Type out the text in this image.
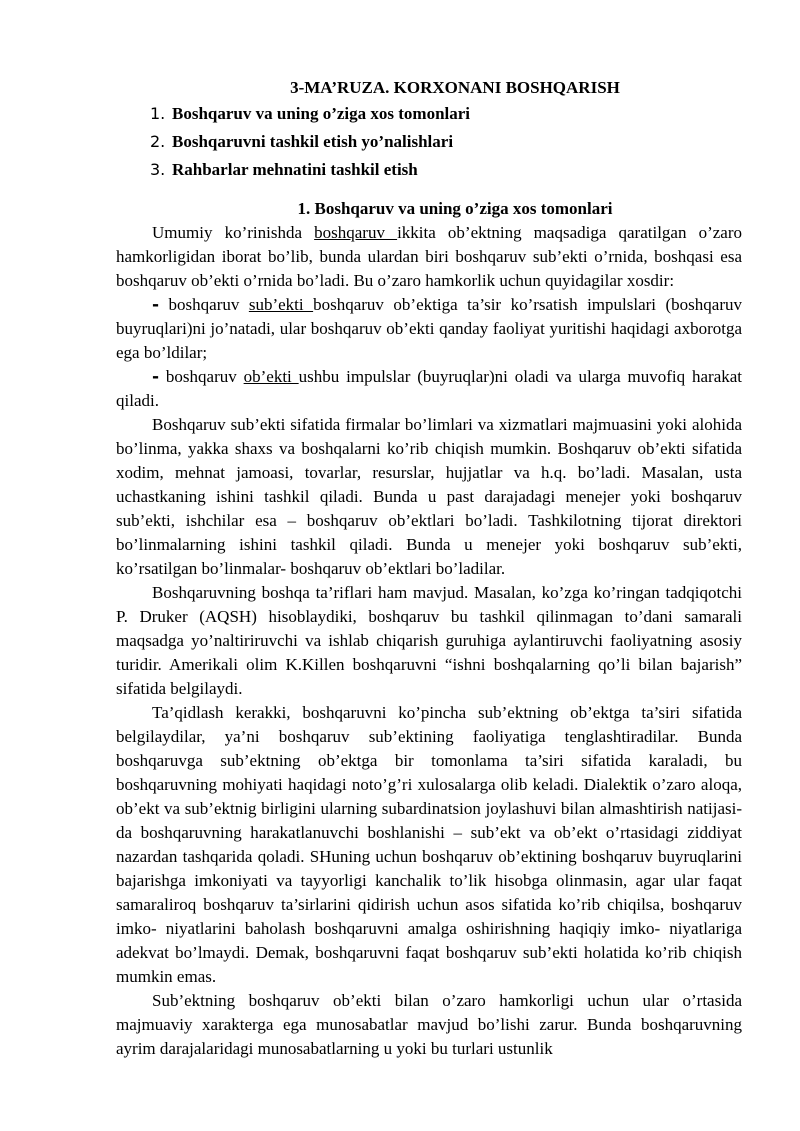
3-MA’RUZA. KORXONANI BOSHQARISH
1. Boshqaruv va uning o’ziga xos tomonlari
2. Boshqaruvni tashkil etish yo’nalishlari
3. Rahbarlar mehnatini tashkil etish
1. Boshqaruv va uning o’ziga xos tomonlari

Umumiy ko’rinishda boshqaruv ikkita ob’ektning maqsadiga qaratilgan o’zaro hamkorligidan iborat bo’lib, bunda ulardan biri boshqaruv sub’ekti o’rnida, boshqasi esa boshqaruv ob’ekti o’rnida bo’ladi. Bu o’zaro hamkorlik uchun quyidagilar xosdir:

- boshqaruv sub’ekti boshqaruv ob’ektiga ta’sir ko’rsatish impulslari (boshqaruv buyruqlari)ni jo’natadi, ular boshqaruv ob’ekti qanday faoliyat yuritishi haqidagi axborotga ega bo’ldilar;

- boshqaruv ob’ekti ushbu impulslar (buyruqlar)ni oladi va ularga muvofiq harakat qiladi.

Boshqaruv sub’ekti sifatida firmalar bo’limlari va xizmatlari majmuasini yoki alohida bo’linma, yakka shaxs va boshqalarni ko’rib chiqish mumkin. Boshqaruv ob’ekti sifatida xodim, mehnat jamoasi, tovarlar, resurslar, hujjatlar va h.q. bo’ladi. Masalan, usta uchastkaning ishini tashkil qiladi. Bunda u past darajadagi menejer yoki boshqaruv sub’ekti, ishchilar esa – boshqaruv ob’ektlari bo’ladi. Tashkilotning tijorat direktori bo’linmalarning ishini tashkil qiladi. Bunda u menejer yoki boshqaruv sub’ekti, ko’rsatilgan bo’linmalar- boshqaruv ob’ektlari bo’ladilar.

Boshqaruvning boshqa ta’riflari ham mavjud. Masalan, ko’zga ko’ringan tadqiqotchi P. Druker (AQSH) hisoblaydiki, boshqaruv bu tashkil qilinmagan to’dani samarali maqsadga yo’naltiriruvchi va ishlab chiqarish guruhiga aylantiruvchi faoliyatning asosiy turidir. Amerikali olim K.Killen boshqaruvni “ishni boshqalarning qo’li bilan bajarish” sifatida belgilaydi.

Ta’qidlash kerakki, boshqaruvni ko’pincha sub’ektning ob’ektga ta’siri sifatida belgilaydilar, ya’ni boshqaruv sub’ektining faoliyatiga tenglashtiradilar. Bunda boshqaruvga sub’ektning ob’ektga bir tomonlama ta’siri sifatida karaladi, bu boshqaruvning mohiyati haqidagi noto’g’ri xulosalarga olib keladi. Dialektik o’zaro aloqa, ob’ekt va sub’ektnig birligini ularning subardinatsion joylashuvi bilan almashtirish natijasi- da boshqaruvning harakatlanuvchi boshlanishi – sub’ekt va ob’ekt o’rtasidagi ziddiyat nazardan tashqarida qoladi. SHuning uchun boshqaruv ob’ektining boshqaruv buyruqlarini bajarishga imkoniyati va tayyorligi kanchalik to’lik hisobga olinmasin, agar ular faqat samaraliroq boshqaruv ta’sirlarini qidirish uchun asos sifatida ko’rib chiqilsa, boshqaruv imko- niyatlarini baholash boshqaruvni amalga oshirishning haqiqiy imko- niyatlariga adekvat bo’lmaydi. Demak, boshqaruvni faqat boshqaruv sub’ekti holatida ko’rib chiqish mumkin emas.

Sub’ektning boshqaruv ob’ekti bilan o’zaro hamkorligi uchun ular o’rtasida majmuaviy xarakterga ega munosabatlar mavjud bo’lishi zarur. Bunda boshqaruvning ayrim darajalaridagi munosabatlarning u yoki bu turlari ustunlik
